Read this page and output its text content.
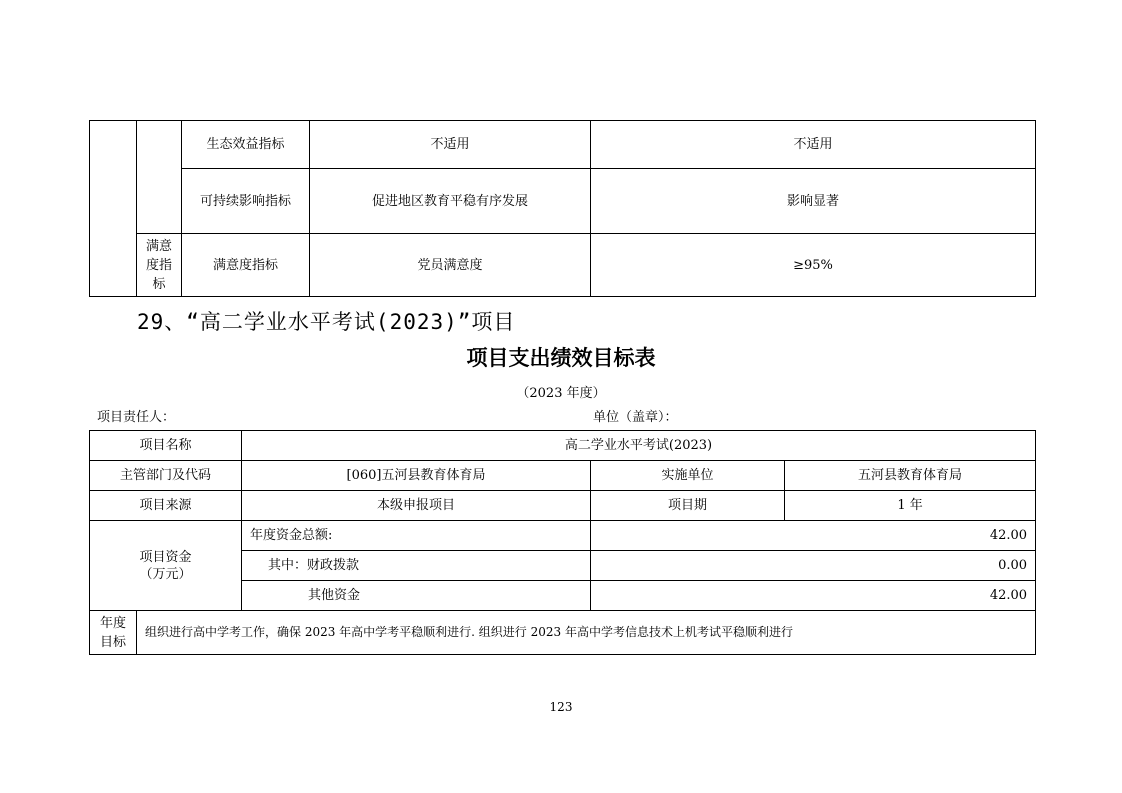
		生态效益指标	不适用	不适用
		可持续影响指标	促进地区教育平稳有序发展	影响显著

	满意
度指
标	满意度指标	党员满意度	≥95%
29、“高二学业水平考试(2023)”项目
项目支出绩效目标表
（2023 年度）
项目责任人：	单位（盖章）：
项目名称		高二学业水平考试(2023)		
主管部门及代码		[060]五河县教育体育局	实施单位	五河县教育体育局
项目来源		本级申报项目	项目期	1 年

项目资金
（万元）		年度资金总额:	42.00	
		其中：财政拨款	0.00	
		其他资金	42.00	

年度
目标	组织进行高中学考工作，确保 2023 年高中学考平稳顺利进行. 组织进行 2023 年高中学考信息技术上机考试平稳顺利进行			
123
